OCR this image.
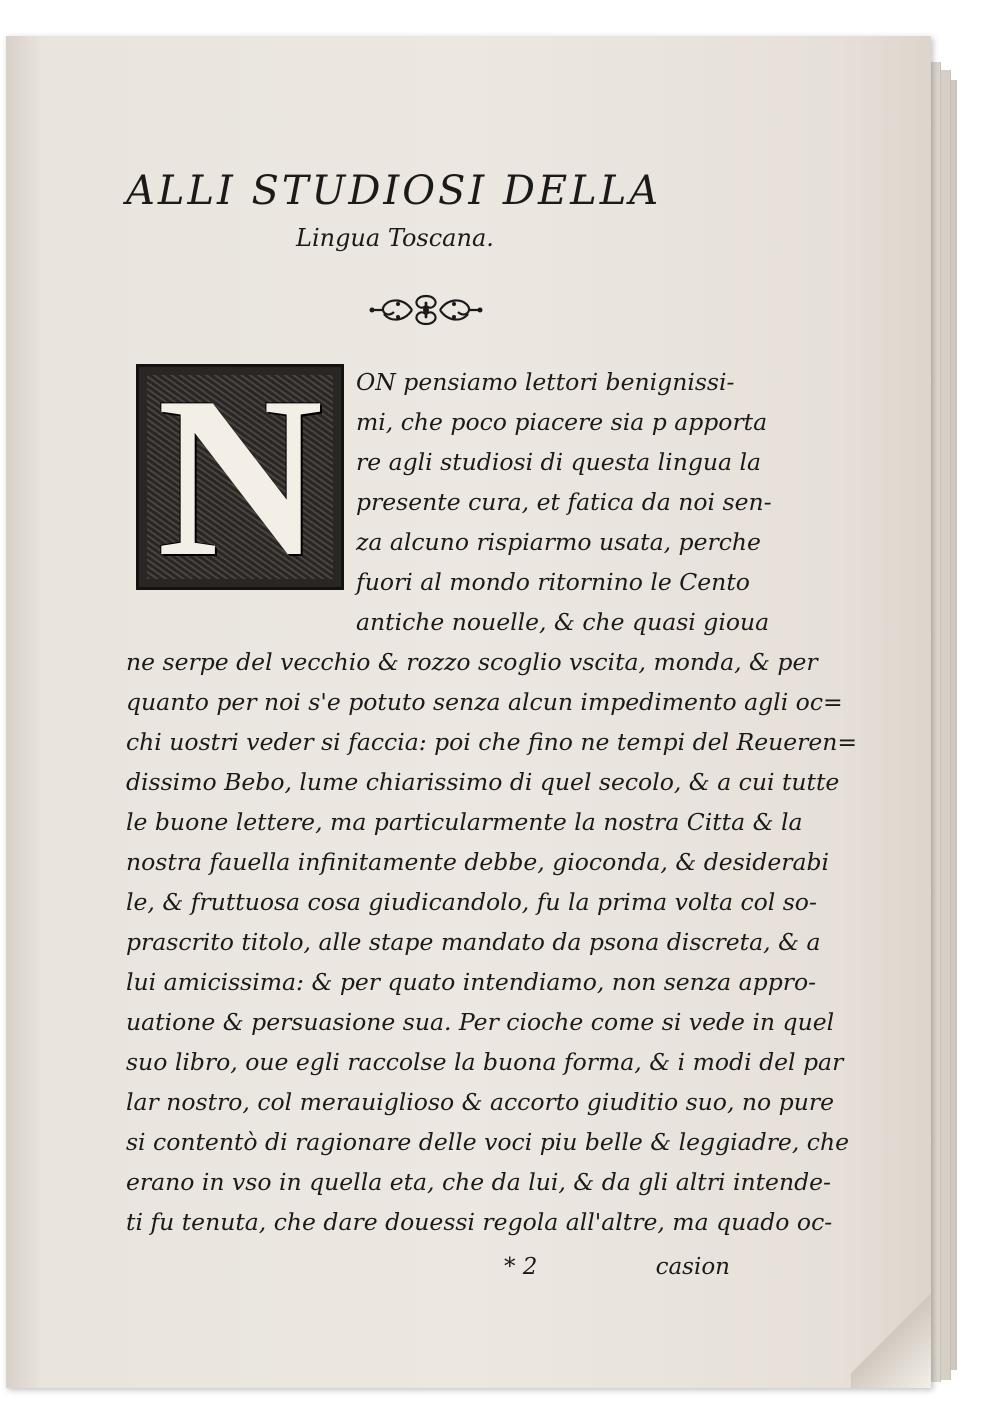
ALLI STUDIOSI DELLA
Lingua Toscana.
N	ON pensiamo lettori benignissi-
mi, che poco piacere sia p apporta
re agli studiosi di questa lingua la
presente cura, et fatica da noi sen-
za alcuno rispiarmo usata, perche
fuori al mondo ritornino le Cento
antiche nouelle, & che quasi gioua
ne serpe del vecchio & rozzo scoglio vscita, monda, & per
quanto per noi s'e potuto senza alcun impedimento agli oc=
chi uostri veder si faccia: poi che fino ne tempi del Reueren=
dissimo Bebo, lume chiarissimo di quel secolo, & a cui tutte
le buone lettere, ma particularmente la nostra Citta & la
nostra fauella infinitamente debbe, gioconda, & desiderabi
le, & fruttuosa cosa giudicandolo, fu la prima volta col so-
prascrito titolo, alle stape mandato da psona discreta, & a
lui amicissima: & per quato intendiamo, non senza appro-
uatione & persuasione sua. Per cioche come si vede in quel
suo libro, oue egli raccolse la buona forma, & i modi del par
lar nostro, col merauiglioso & accorto giuditio suo, no pure
si contentò di ragionare delle voci piu belle & leggiadre, che
erano in vso in quella eta, che da lui, & da gli altri intende-
ti fu tenuta, che dare douessi regola all'altre, ma quado oc-
* 2	casion
